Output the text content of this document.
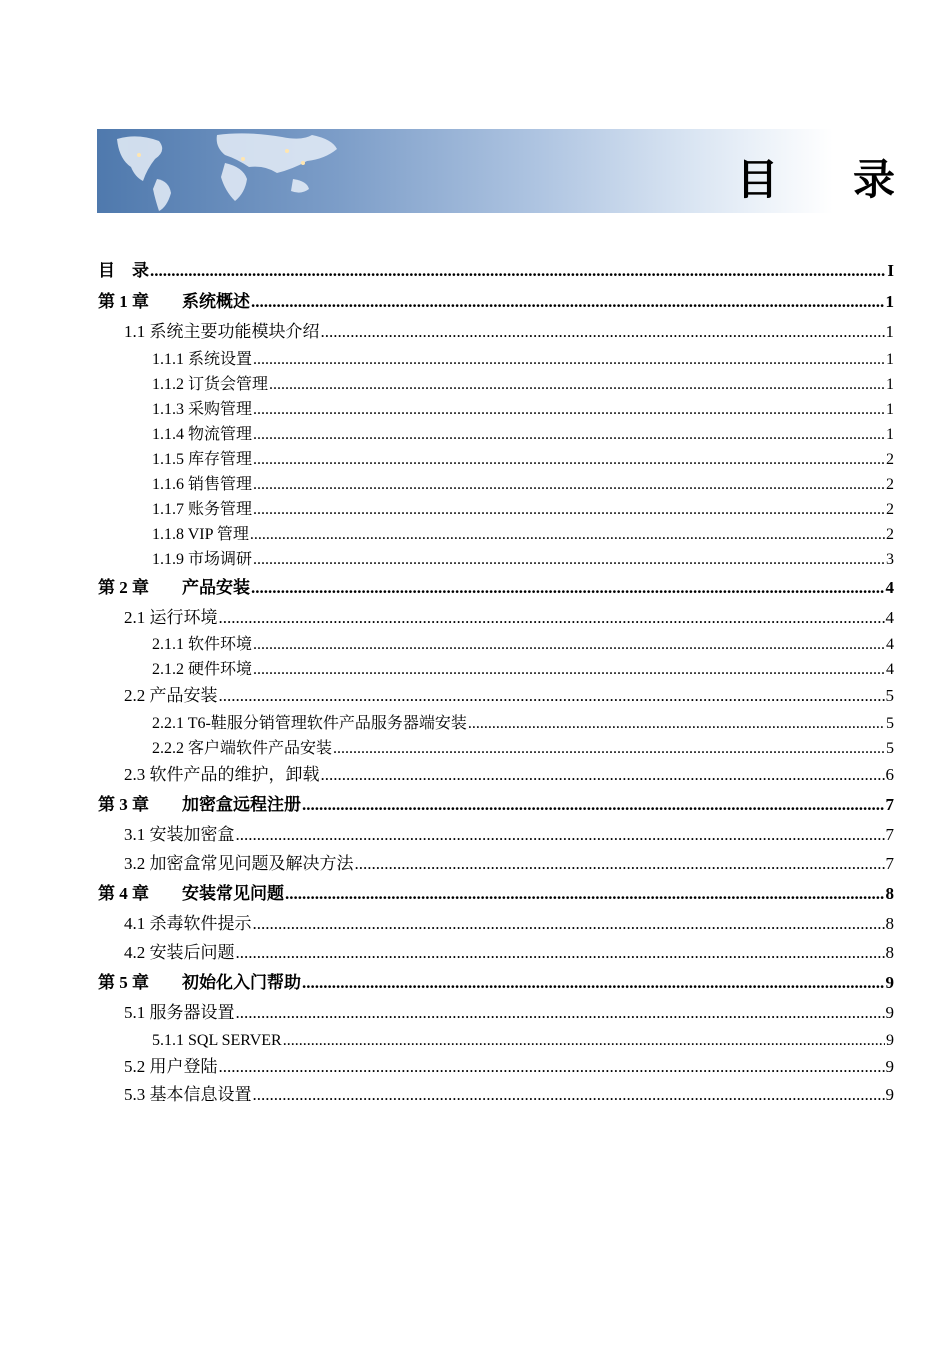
目 录
目　录 .....	I
第 1 章 系统概述 .....	1
1.1 系统主要功能模块介绍 .....	1
1.1.1 系统设置 .....	1
1.1.2 订货会管理 .....	1
1.1.3 采购管理 .....	1
1.1.4 物流管理 .....	1
1.1.5 库存管理 .....	2
1.1.6 销售管理 .....	2
1.1.7 账务管理 .....	2
1.1.8 VIP 管理 .....	2
1.1.9 市场调研 .....	3
第 2 章 产品安装 .....	4
2.1 运行环境 .....	4
2.1.1 软件环境 .....	4
2.1.2 硬件环境 .....	4
2.2 产品安装 .....	5
2.2.1 T6-鞋服分销管理软件产品服务器端安装 .....	5
2.2.2 客户端软件产品安装 .....	5
2.3 软件产品的维护，卸载 .....	6
第 3 章 加密盒远程注册 .....	7
3.1 安装加密盒 .....	7
3.2 加密盒常见问题及解决方法 .....	7
第 4 章 安装常见问题 .....	8
4.1 杀毒软件提示 .....	8
4.2 安装后问题 .....	8
第 5 章 初始化入门帮助 .....	9
5.1 服务器设置 .....	9
5.1.1 SQL SERVER .....	9
5.2 用户登陆 .....	9
5.3 基本信息设置 .....	9
